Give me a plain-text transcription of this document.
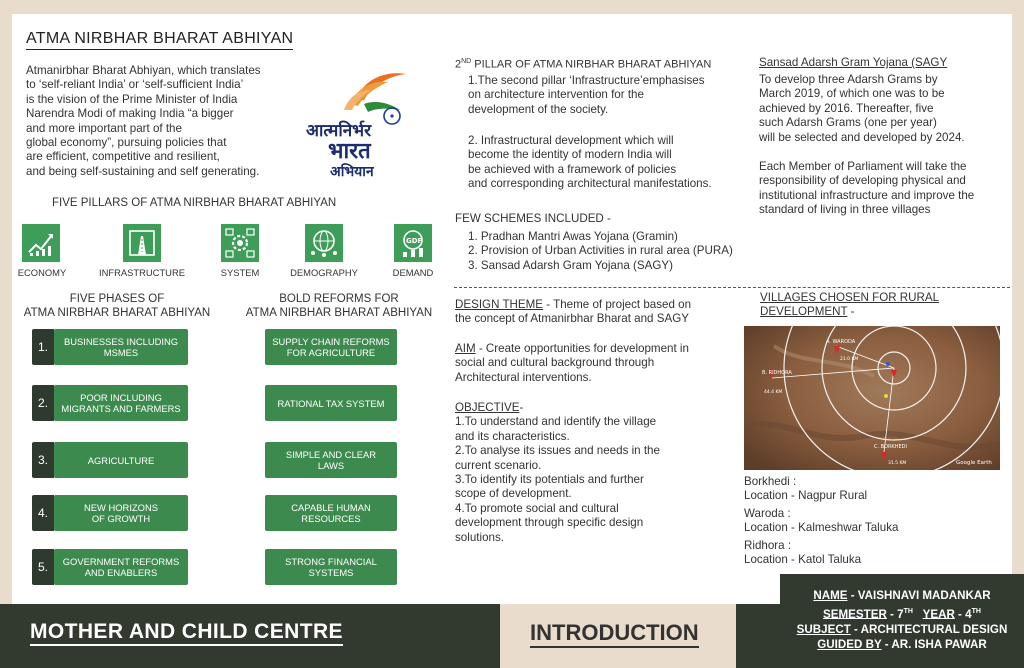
ATMA NIRBHAR BHARAT ABHIYAN
Atmanirbhar Bharat Abhiyan, which translates
to ‘self-reliant India’ or ‘self-sufficient India’
is the vision of the Prime Minister of India
Narendra Modi of making India “a bigger
and more important part of the
global economy”, pursuing policies that
are efficient, competitive and resilient,
and being self-sustaining and self generating.
आत्मनिर्भर
भारत
अभियान
FIVE PILLARS OF ATMA NIRBHAR BHARAT ABHIYAN
ECONOMY	INFRASTRUCTURE	SYSTEM	DEMOGRAPHY
GDP
DEMAND
FIVE PHASES OF
ATMA NIRBHAR BHARAT ABHIYAN
BOLD REFORMS FOR
ATMA NIRBHAR BHARAT ABHIYAN
1.	BUSINESSES INCLUDING
MSMES
2.	POOR INCLUDING
MIGRANTS AND FARMERS
3.	AGRICULTURE
4.	NEW HORIZONS
OF GROWTH
5.	GOVERNMENT REFORMS
AND ENABLERS
SUPPLY CHAIN REFORMS
FOR AGRICULTURE
RATIONAL TAX SYSTEM
SIMPLE AND CLEAR
LAWS
CAPABLE HUMAN
RESOURCES
STRONG FINANCIAL
SYSTEMS
2ND PILLAR OF ATMA NIRBHAR BHARAT ABHIYAN
1.The second pillar ‘Infrastructure’emphasises
on architecture intervention for the
development of the society.
2. Infrastructural development which will
become the identity of modern India will
be achieved with a framework of policies
and corresponding architectural manifestations.
FEW SCHEMES INCLUDED -
1. Pradhan Mantri Awas Yojana (Gramin)
2. Provision of Urban Activities in rural area (PURA)
3. Sansad Adarsh Gram Yojana (SAGY)
Sansad Adarsh Gram Yojana (SAGY
To develop three Adarsh Grams by
March 2019, of which one was to be
achieved by 2016. Thereafter, five
such Adarsh Grams (one per year)
will be selected and developed by 2024.
Each Member of Parliament will take the
responsibility of developing physical and
institutional infrastructure and improve the
standard of living in three villages
DESIGN THEME - Theme of project based on
the concept of Atmanirbhar Bharat and SAGY
AIM - Create opportunities for development in
social and cultural background through
Architectural interventions.
OBJECTIVE-
1.To understand and identify the village
and its characteristics.
2.To analyse its issues and needs in the
current scenario.
3.To identify its potentials and further
scope of development.
4.To promote social and cultural
development through specific design
solutions.
VILLAGES CHOSEN FOR RURAL
DEVELOPMENT -
A. WARODA
21.0 KM
B. RIDHORA
44.4 KM
C. BORKHEDI
31.5 KM	Google Earth
Borkhedi :
Location - Nagpur Rural
Waroda :
Location - Kalmeshwar Taluka
Ridhora :
Location - Katol Taluka
MOTHER AND CHILD CENTRE	INTRODUCTION
NAME - VAISHNAVI MADANKAR
SEMESTER - 7TH YEAR - 4TH
SUBJECT - ARCHITECTURAL DESIGN
GUIDED BY - AR. ISHA PAWAR
